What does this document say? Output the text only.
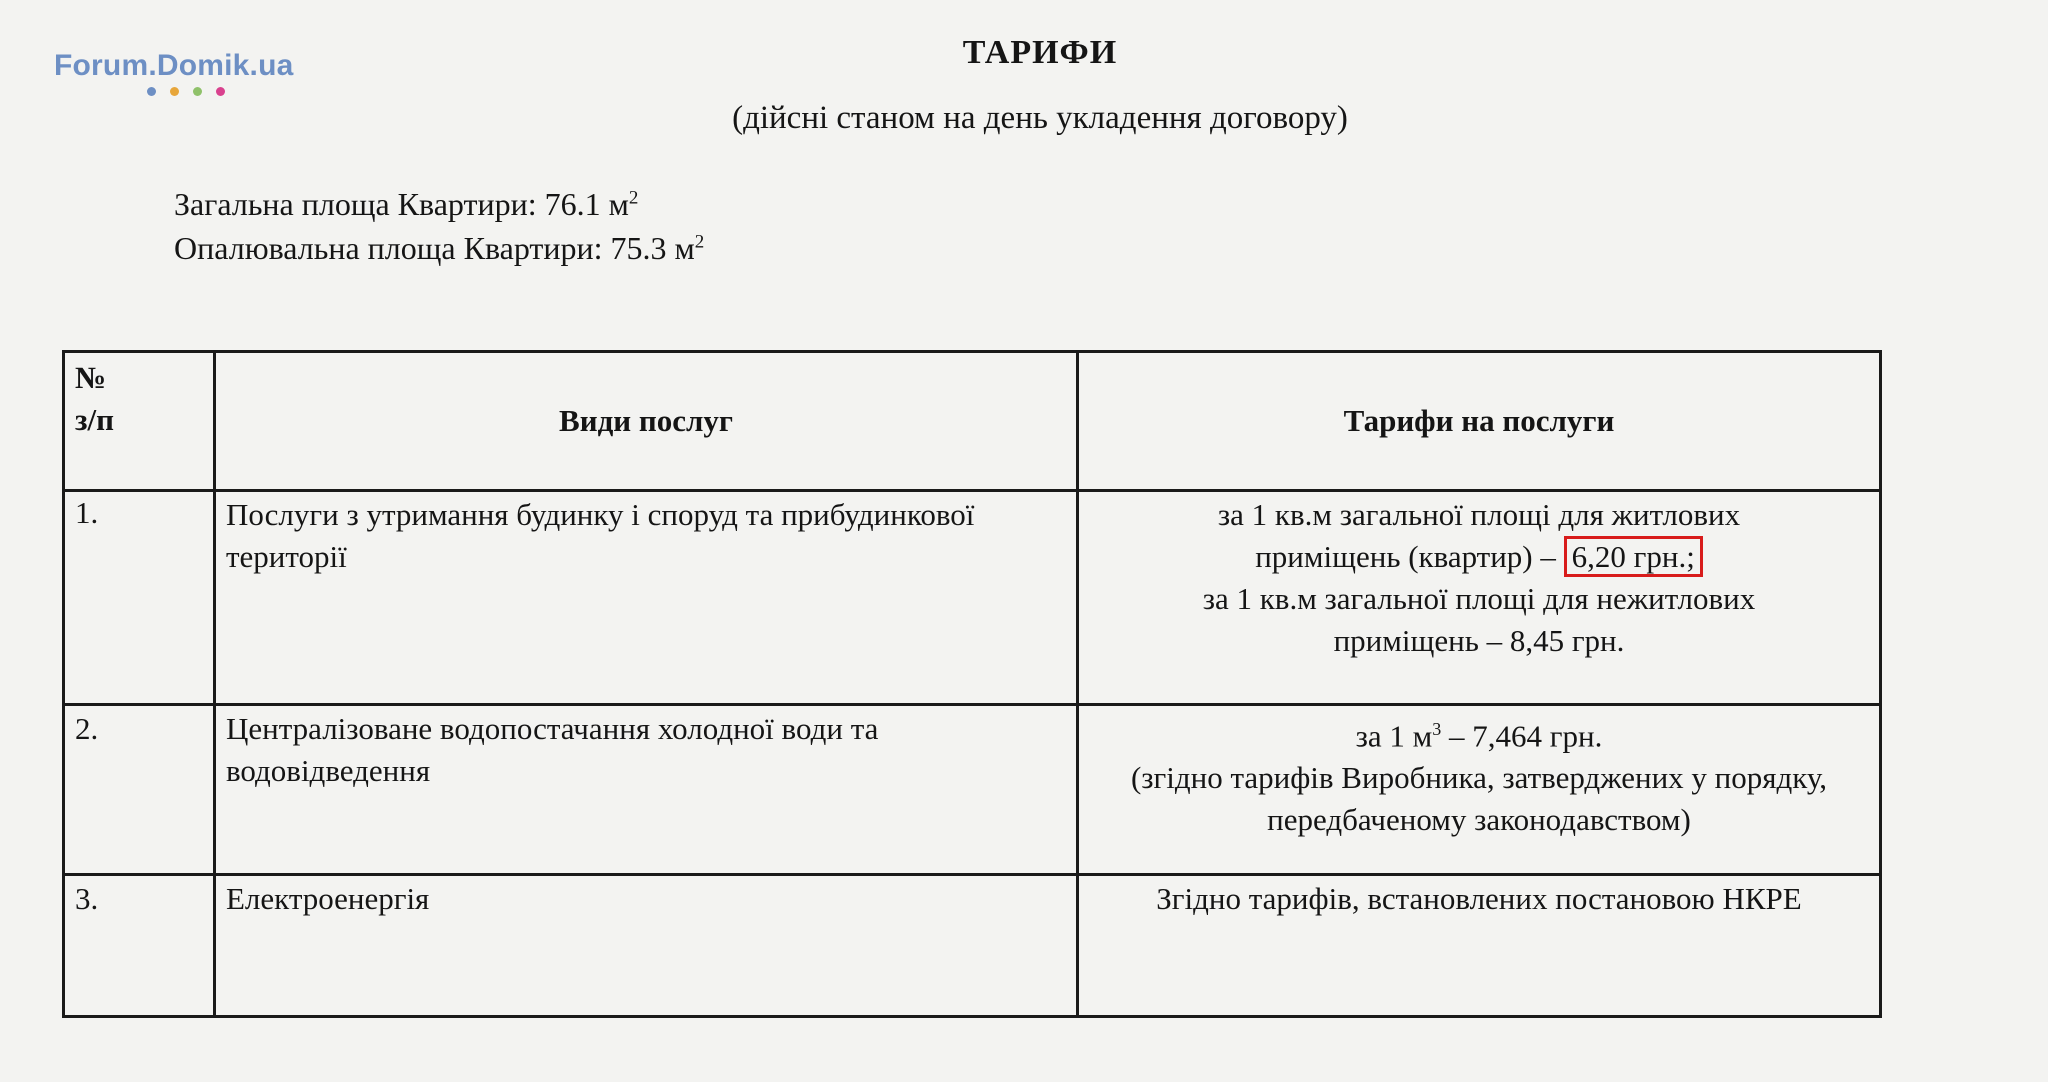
Forum.Domik.ua	ТАРИФИ
(дійсні станом на день укладення договору)
Загальна площа Квартири: 76.1 $м^2$
Опалювальна площа Квартири: 75.3 $м^2$
№
з/п	Види послуг	Тарифи на послуги
1.	Послуги з утримання будинку і споруд та прибудинкової території	за 1 кв.м загальної площі для житлових
приміщень (квартир) – 6,20 грн.;
за 1 кв.м загальної площі для нежитлових
приміщень – 8,45 грн.

2.	Централізоване водопостачання холодної води та водовідведення	за 1 $м^3 - 7,464$ грн.
(згідно тарифів Виробника, затверджених у порядку, передбаченому законодавством)

3.	Електроенергія	Згідно тарифів, встановлених постановою НКРЕ
